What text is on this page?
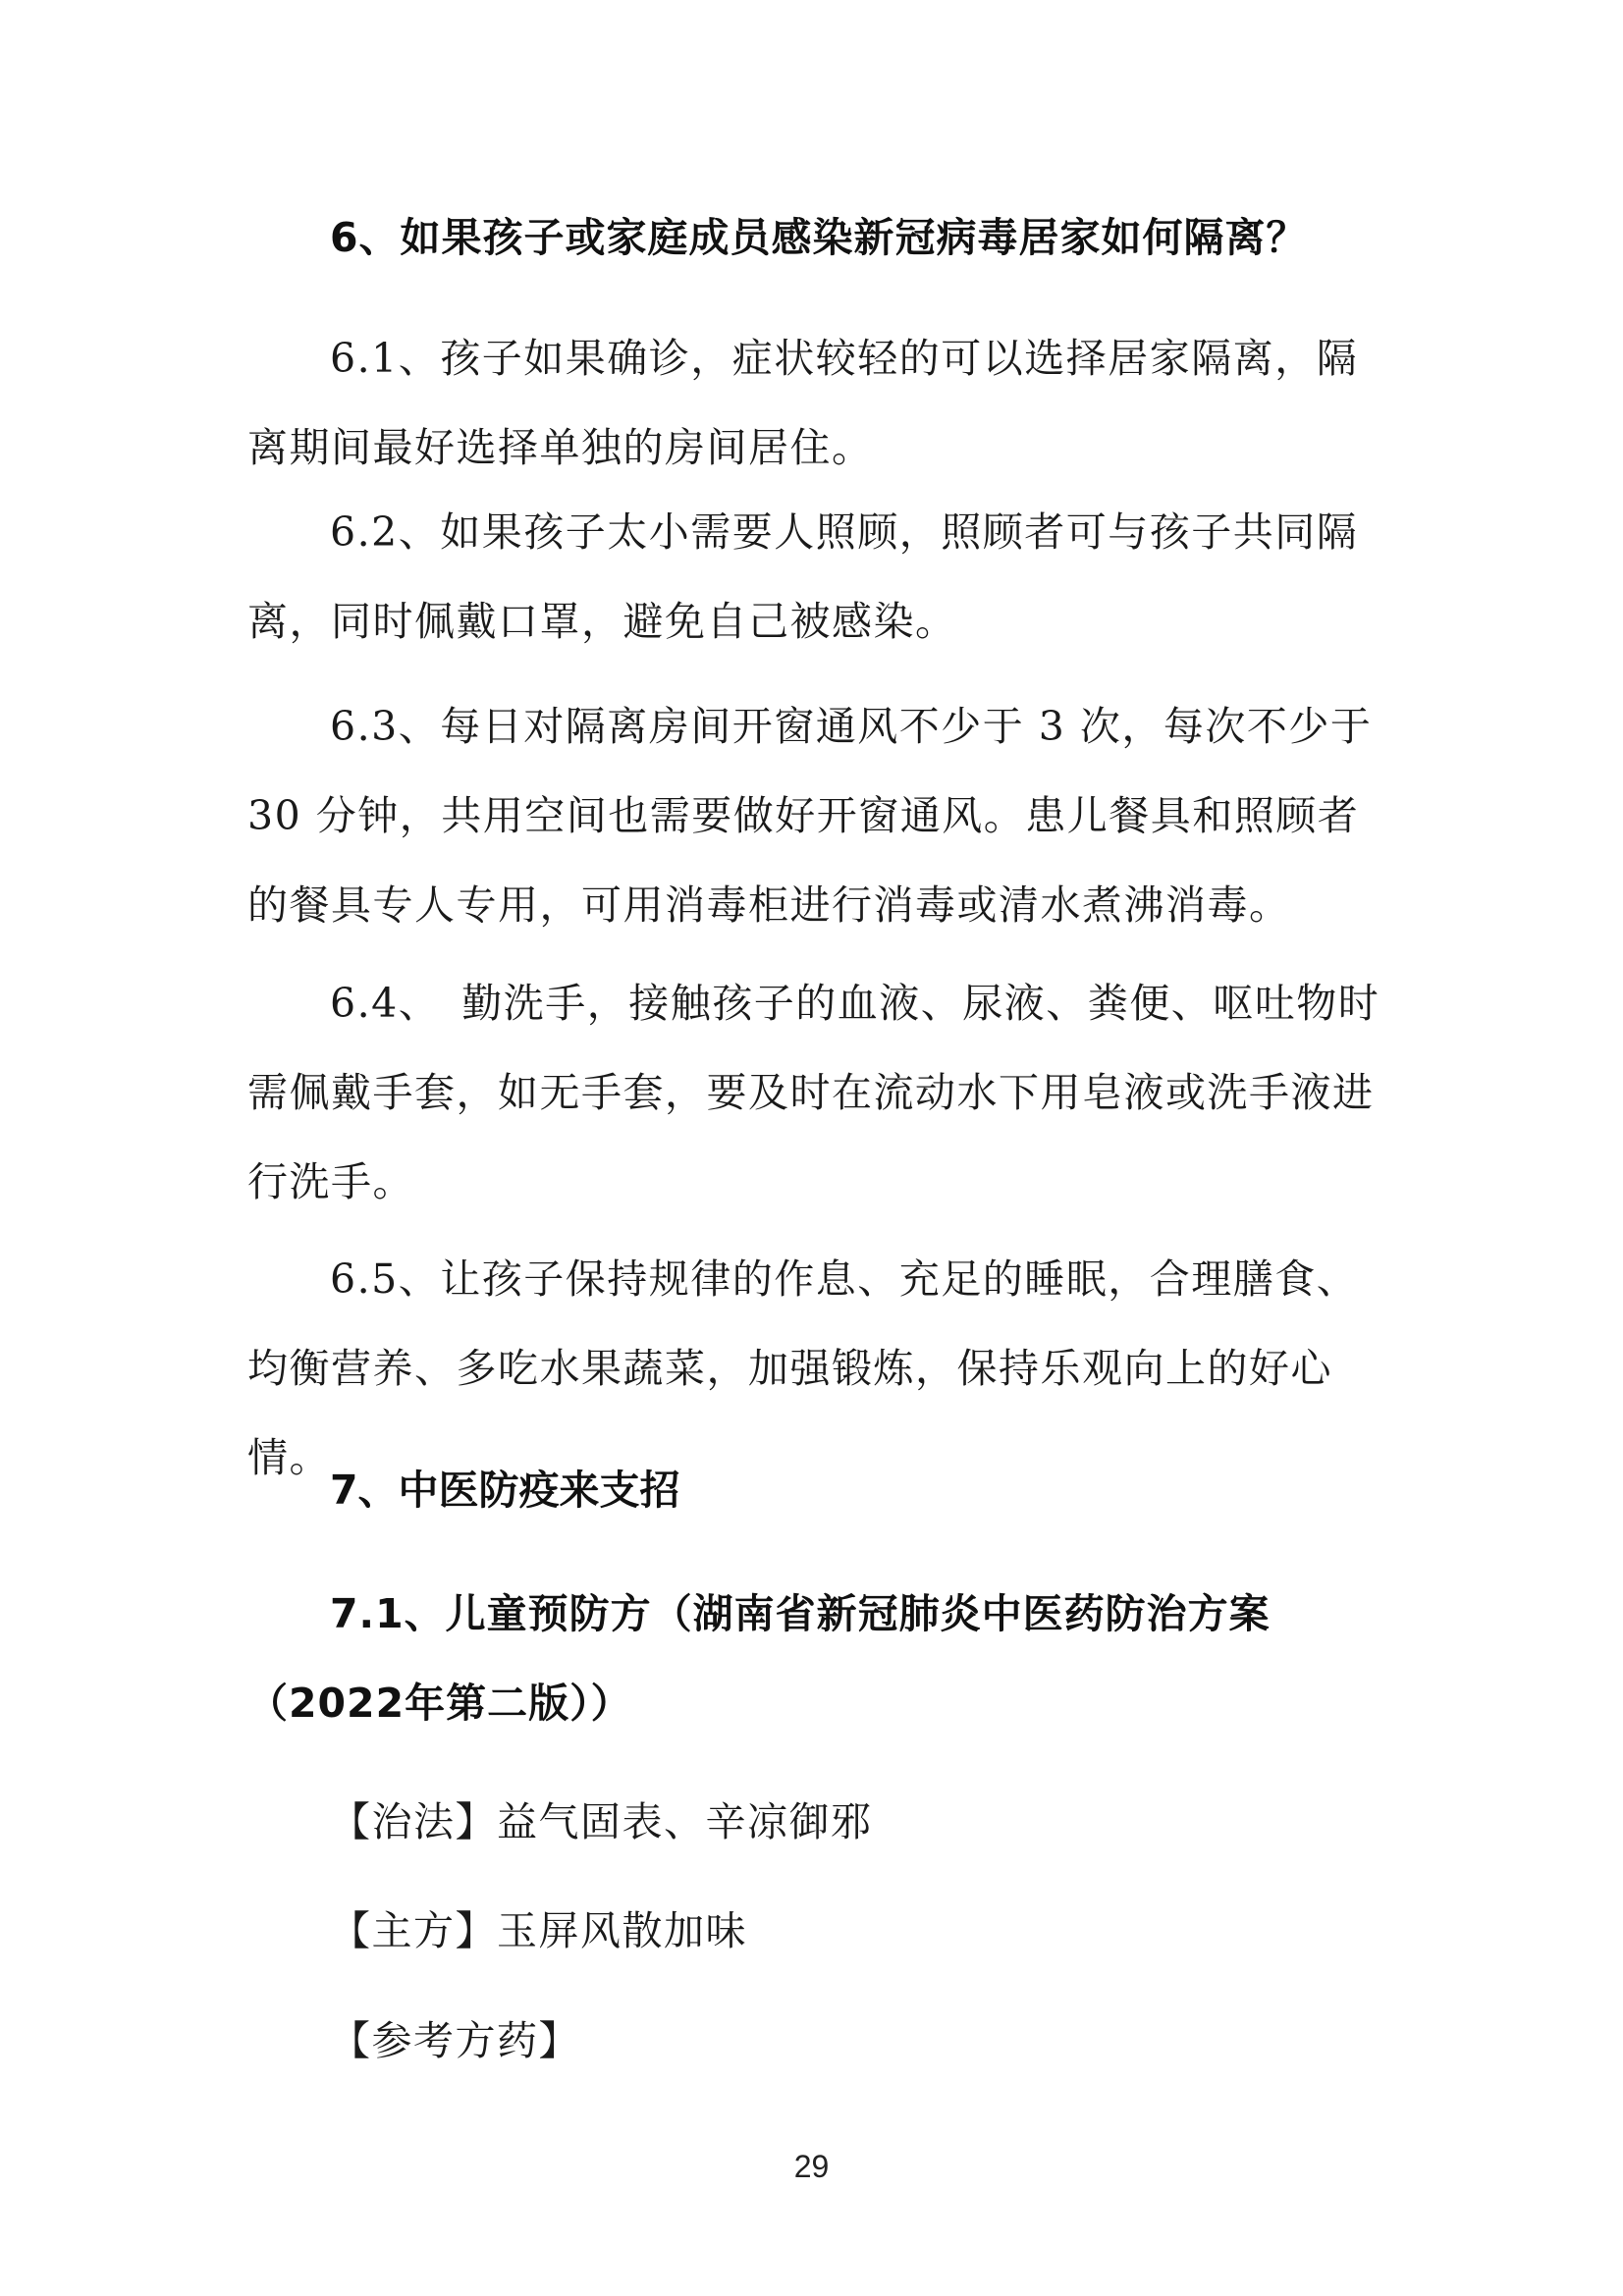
6、如果孩子或家庭成员感染新冠病毒居家如何隔离？

6.1、孩子如果确诊，症状较轻的可以选择居家隔离，隔离期间最好选择单独的房间居住。

6.2、如果孩子太小需要人照顾，照顾者可与孩子共同隔离，同时佩戴口罩，避免自己被感染。

6.3、每日对隔离房间开窗通风不少于 3 次，每次不少于 30 分钟，共用空间也需要做好开窗通风。患儿餐具和照顾者的餐具专人专用，可用消毒柜进行消毒或清水煮沸消毒。

6.4、　勤洗手，接触孩子的血液、尿液、粪便、呕吐物时需佩戴手套，如无手套，要及时在流动水下用皂液或洗手液进行洗手。

6.5、让孩子保持规律的作息、充足的睡眠，合理膳食、均衡营养、多吃水果蔬菜，加强锻炼，保持乐观向上的好心情。

7、中医防疫来支招
7.1、儿童预防方（湖南省新冠肺炎中医药防治方案（2022年第二版））

【治法】益气固表、辛凉御邪

【主方】玉屏风散加味

【参考方药】

29
